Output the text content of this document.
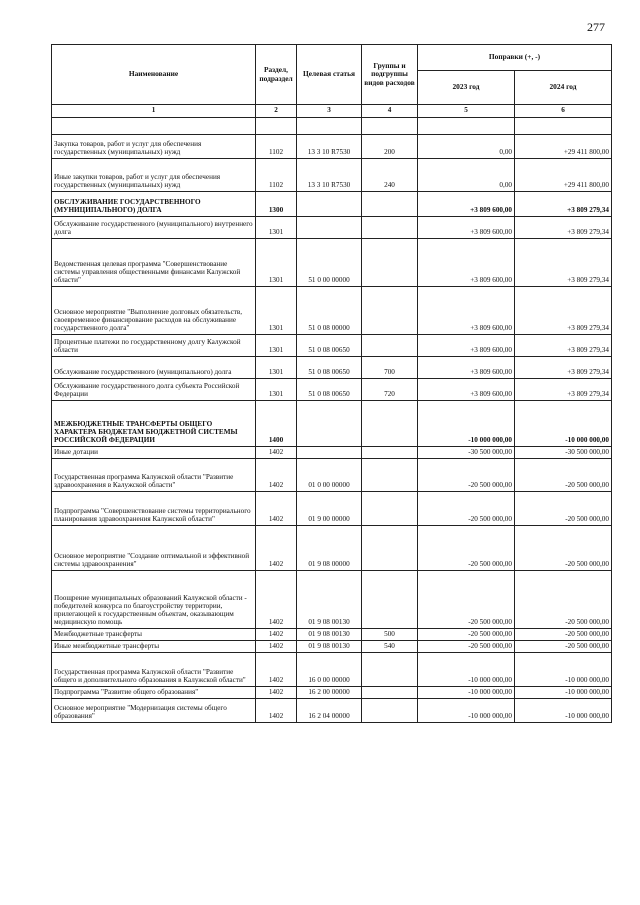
277
Наименование	Раздел, подраздел	Целевая статья	Группы и подгруппы видов расходов	Поправки (+, -)	
				2023 год	2024 год
1	2	3	4	5	6

Закупка товаров, работ и услуг для обеспечения государственных (муниципальных) нужд	1102	13 3 10 R7530	200	0,00	+29 411 800,00
Иные закупки товаров, работ и услуг для обеспечения государственных (муниципальных) нужд	1102	13 3 10 R7530	240	0,00	+29 411 800,00
ОБСЛУЖИВАНИЕ ГОСУДАРСТВЕННОГО (МУНИЦИПАЛЬНОГО) ДОЛГА	1300			+3 809 600,00	+3 809 279,34
Обслуживание государственного (муниципального) внутреннего долга	1301			+3 809 600,00	+3 809 279,34
Ведомственная целевая программа "Совершенствование системы управления общественными финансами Калужской области"	1301	51 0 00 00000		+3 809 600,00	+3 809 279,34
Основное мероприятие "Выполнение долговых обязательств, своевременное финансирование расходов на обслуживание государственного долга"	1301	51 0 08 00000		+3 809 600,00	+3 809 279,34
Процентные платежи по государственному долгу Калужской области	1301	51 0 08 00650		+3 809 600,00	+3 809 279,34
Обслуживание государственного (муниципального) долга	1301	51 0 08 00650	700	+3 809 600,00	+3 809 279,34
Обслуживание государственного долга субъекта Российской Федерации	1301	51 0 08 00650	720	+3 809 600,00	+3 809 279,34
МЕЖБЮДЖЕТНЫЕ ТРАНСФЕРТЫ ОБЩЕГО ХАРАКТЕРА БЮДЖЕТАМ БЮДЖЕТНОЙ СИСТЕМЫ РОССИЙСКОЙ ФЕДЕРАЦИИ	1400			-10 000 000,00	-10 000 000,00
Иные дотации	1402			-30 500 000,00	-30 500 000,00
Государственная программа Калужской области "Развитие здравоохранения в Калужской области"	1402	01 0 00 00000		-20 500 000,00	-20 500 000,00
Подпрограмма "Совершенствование системы территориального планирования здравоохранения Калужской области"	1402	01 9 00 00000		-20 500 000,00	-20 500 000,00
Основное мероприятие "Создание оптимальной и эффективной системы здравоохранения"	1402	01 9 08 00000		-20 500 000,00	-20 500 000,00
Поощрение муниципальных образований Калужской области - победителей конкурса по благоустройству территории, прилегающей к государственным объектам, оказывающим медицинскую помощь	1402	01 9 08 00130		-20 500 000,00	-20 500 000,00
Межбюджетные трансферты	1402	01 9 08 00130	500	-20 500 000,00	-20 500 000,00
Иные межбюджетные трансферты	1402	01 9 08 00130	540	-20 500 000,00	-20 500 000,00
Государственная программа Калужской области "Развитие общего и дополнительного образования в Калужской области"	1402	16 0 00 00000		-10 000 000,00	-10 000 000,00
Подпрограмма "Развитие общего образования"	1402	16 2 00 00000		-10 000 000,00	-10 000 000,00
Основное мероприятие "Модернизация системы общего образования"	1402	16 2 04 00000		-10 000 000,00	-10 000 000,00
